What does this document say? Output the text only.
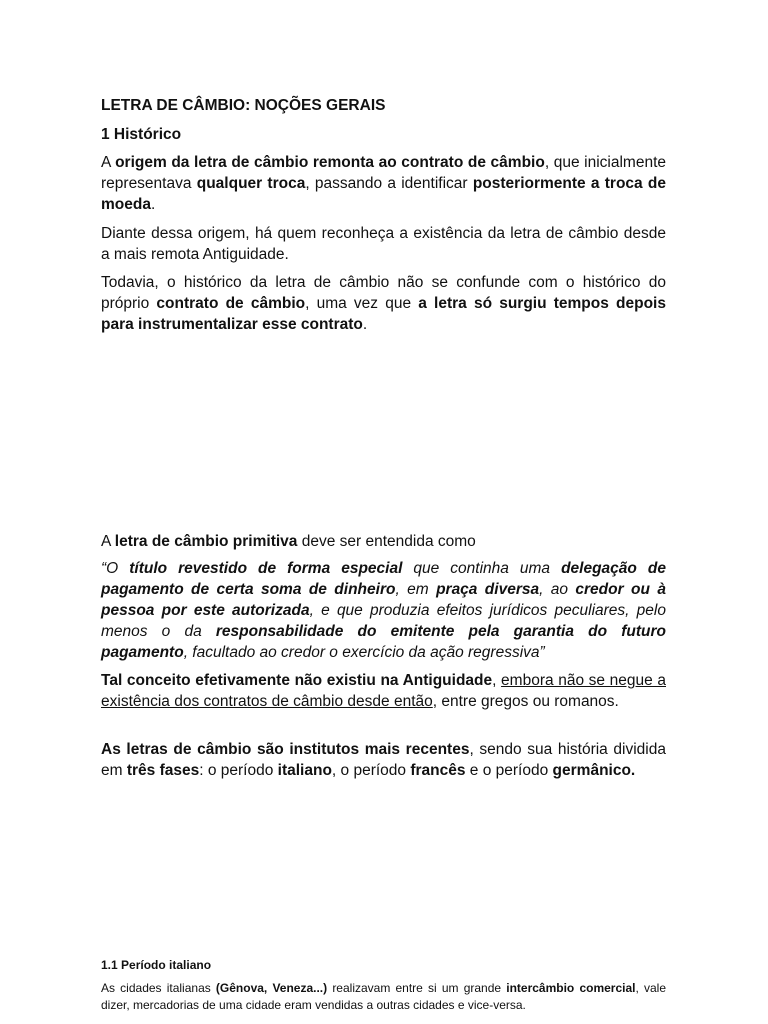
LETRA DE CÂMBIO: NOÇÕES GERAIS

1 Histórico

A origem da letra de câmbio remonta ao contrato de câmbio, que inicialmente representava qualquer troca, passando a identificar posteriormente a troca de moeda.

Diante dessa origem, há quem reconheça a existência da letra de câmbio desde a mais remota Antiguidade.

Todavia, o histórico da letra de câmbio não se confunde com o histórico do próprio contrato de câmbio, uma vez que a letra só surgiu tempos depois para instrumentalizar esse contrato.

A letra de câmbio primitiva deve ser entendida como

“O título revestido de forma especial que continha uma delegação de pagamento de certa soma de dinheiro, em praça diversa, ao credor ou à pessoa por este autorizada, e que produzia efeitos jurídicos peculiares, pelo menos o da responsabilidade do emitente pela garantia do futuro pagamento, facultado ao credor o exercício da ação regressiva”

Tal conceito efetivamente não existiu na Antiguidade, embora não se negue a existência dos contratos de câmbio desde então, entre gregos ou romanos.

As letras de câmbio são institutos mais recentes, sendo sua história dividida em três fases: o período italiano, o período francês e o período germânico.

1.1 Período italiano

As cidades italianas (Gênova, Veneza...) realizavam entre si um grande intercâmbio comercial, vale dizer, mercadorias de uma cidade eram vendidas a outras cidades e vice-versa.
